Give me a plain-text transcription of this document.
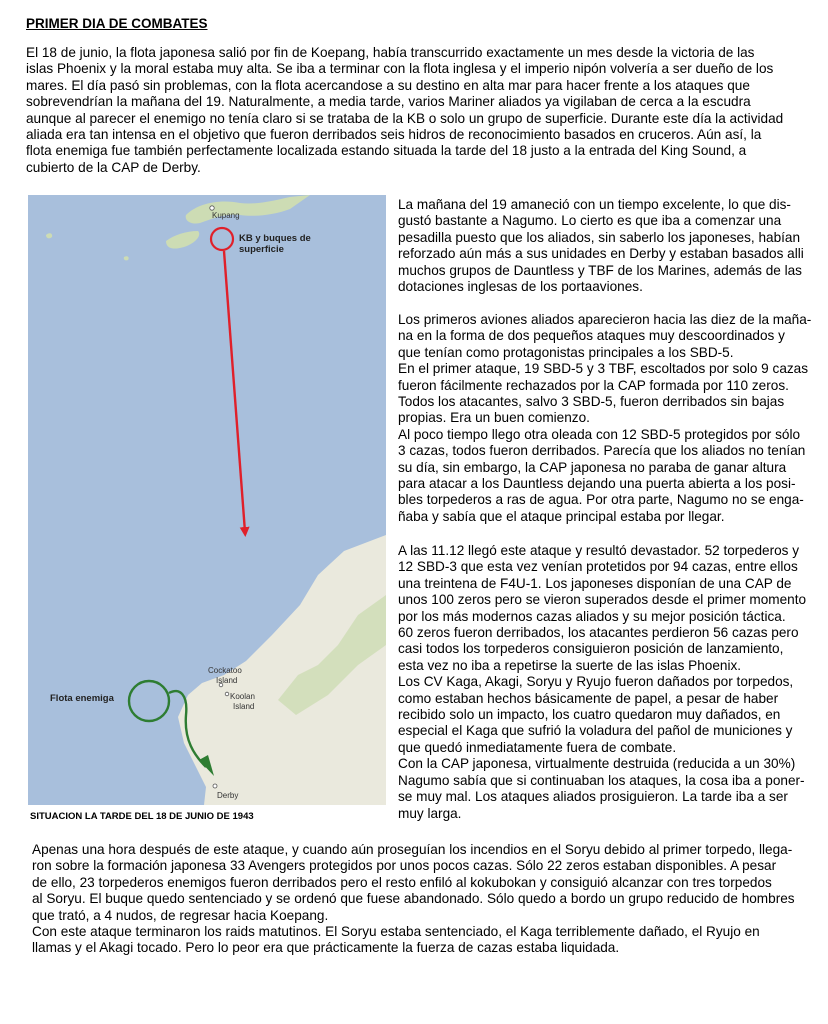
PRIMER DIA DE COMBATES

El 18 de junio, la flota japonesa salió por fin de Koepang, había transcurrido exactamente un mes desde la victoria de las
islas Phoenix y la moral estaba muy alta. Se iba a terminar con la flota inglesa y el imperio nipón volvería a ser dueño de los
mares. El día pasó sin problemas, con la flota acercandose a su destino en alta mar para hacer frente a los ataques que
sobrevendrían la mañana del 19. Naturalmente, a media tarde, varios Mariner aliados ya vigilaban de cerca a la escudra
aunque al parecer el enemigo no tenía claro si se trataba de la KB o solo un grupo de superficie. Durante este día la actividad
aliada era tan intensa en el objetivo que fueron derribados seis hidros de reconocimiento basados en cruceros. Aún así, la
flota enemiga fue también perfectamente localizada estando situada la tarde del 18 justo a la entrada del King Sound, a
cubierto de la CAP de Derby.

Kupang
KB y buques de
superficie
Flota enemiga
Cockatoo
Island
Koolan
Island
Derby
SITUACION LA TARDE DEL 18 DE JUNIO DE 1943

La mañana del 19 amaneció con un tiempo excelente, lo que dis-
gustó bastante a Nagumo. Lo cierto es que iba a comenzar una
pesadilla puesto que los aliados, sin saberlo los japoneses, habían
reforzado aún más a sus unidades en Derby y estaban basados alli
muchos grupos de Dauntless y TBF de los Marines, además de las
dotaciones inglesas de los portaaviones.

Los primeros aviones aliados aparecieron hacia las diez de la maña-
na en la forma de dos pequeños ataques muy descoordinados y
que tenían como protagonistas principales a los SBD-5.
En el primer ataque, 19 SBD-5 y 3 TBF, escoltados por solo 9 cazas
fueron fácilmente rechazados por la CAP formada por 110 zeros.
Todos los atacantes, salvo 3 SBD-5, fueron derribados sin bajas
propias. Era un buen comienzo.
Al poco tiempo llego otra oleada con 12 SBD-5 protegidos por sólo
3 cazas, todos fueron derribados. Parecía que los aliados no tenían
su día, sin embargo, la CAP japonesa no paraba de ganar altura
para atacar a los Dauntless dejando una puerta abierta a los posi-
bles torpederos a ras de agua. Por otra parte, Nagumo no se enga-
ñaba y sabía que el ataque principal estaba por llegar.

A las 11.12 llegó este ataque y resultó devastador. 52 torpederos y
12 SBD-3 que esta vez venían protetidos por 94 cazas, entre ellos
una treintena de F4U-1. Los japoneses disponían de una CAP de
unos 100 zeros pero se vieron superados desde el primer momento
por los más modernos cazas aliados y su mejor posición táctica.
60 zeros fueron derribados, los atacantes perdieron 56 cazas pero
casi todos los torpederos consiguieron posición de lanzamiento,
esta vez no iba a repetirse la suerte de las islas Phoenix.
Los CV Kaga, Akagi, Soryu y Ryujo fueron dañados por torpedos,
como estaban hechos básicamente de papel, a pesar de haber
recibido solo un impacto, los cuatro quedaron muy dañados, en
especial el Kaga que sufrió la voladura del pañol de municiones y
que quedó inmediatamente fuera de combate.
Con la CAP japonesa, virtualmente destruida (reducida a un 30%)
Nagumo sabía que si continuaban los ataques, la cosa iba a poner-
se muy mal. Los ataques aliados prosiguieron. La tarde iba a ser
muy larga.

Apenas una hora después de este ataque, y cuando aún proseguían los incendios en el Soryu debido al primer torpedo, llega-
ron sobre la formación japonesa 33 Avengers protegidos por unos pocos cazas. Sólo 22 zeros estaban disponibles. A pesar
de ello, 23 torpederos enemigos fueron derribados pero el resto enfiló al kokubokan y consiguió alcanzar con tres torpedos
al Soryu. El buque quedo sentenciado y se ordenó que fuese abandonado. Sólo quedo a bordo un grupo reducido de hombres
que trató, a 4 nudos, de regresar hacia Koepang.
Con este ataque terminaron los raids matutinos. El Soryu estaba sentenciado, el Kaga terriblemente dañado, el Ryujo en
llamas y el Akagi tocado. Pero lo peor era que prácticamente la fuerza de cazas estaba liquidada.
